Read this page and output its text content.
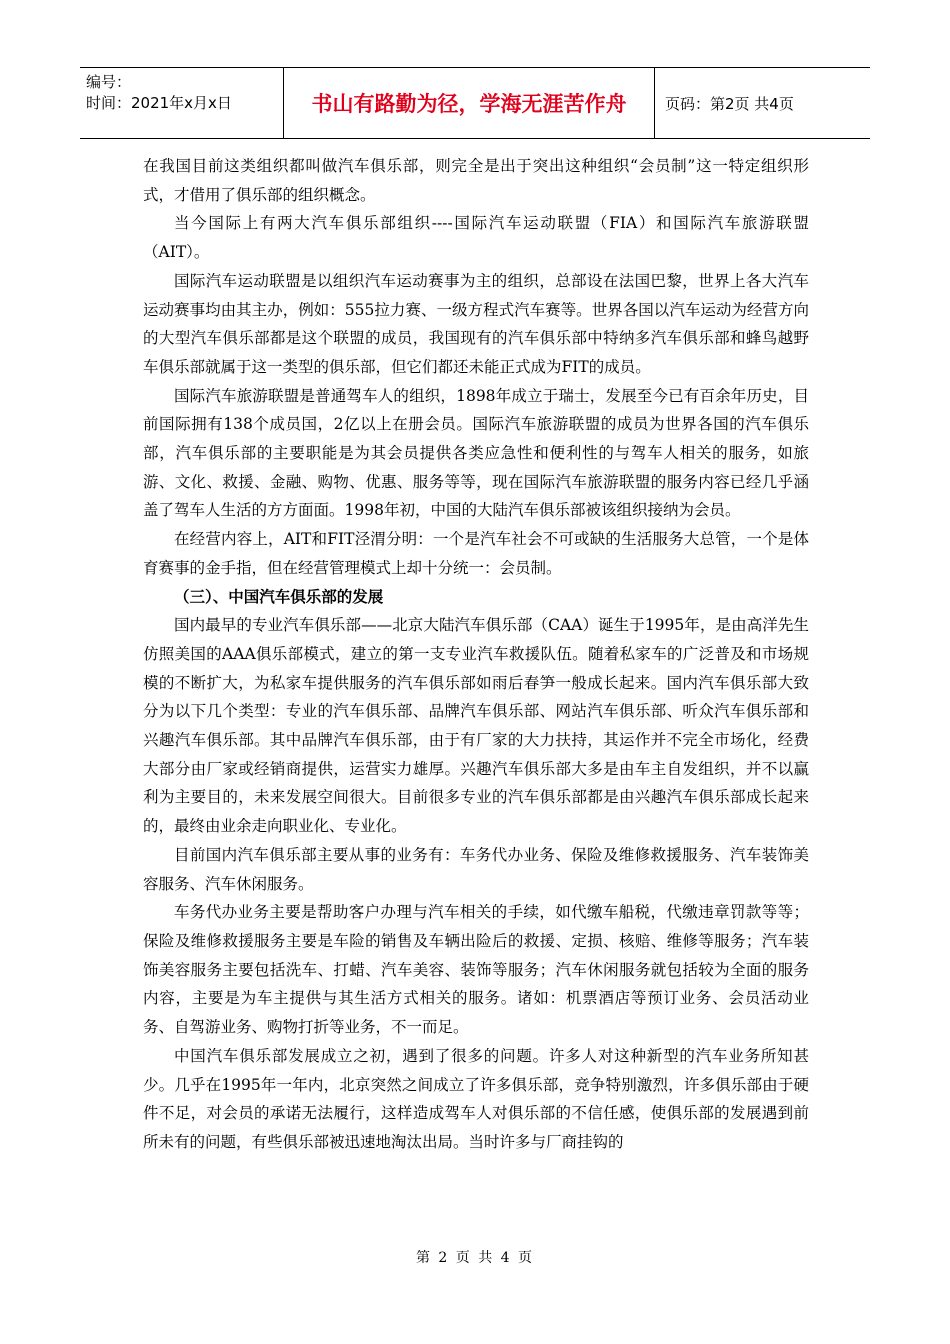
编号：
时间：2021年x月x日	书山有路勤为径，学海无涯苦作舟	页码：第2页 共4页

在我国目前这类组织都叫做汽车俱乐部，则完全是出于突出这种组织“会员制”这一特定组织形式，才借用了俱乐部的组织概念。

当今国际上有两大汽车俱乐部组织----国际汽车运动联盟（FIA）和国际汽车旅游联盟（AIT）。

国际汽车运动联盟是以组织汽车运动赛事为主的组织，总部设在法国巴黎，世界上各大汽车运动赛事均由其主办，例如：555拉力赛、一级方程式汽车赛等。世界各国以汽车运动为经营方向的大型汽车俱乐部都是这个联盟的成员，我国现有的汽车俱乐部中特纳多汽车俱乐部和蜂鸟越野车俱乐部就属于这一类型的俱乐部，但它们都还未能正式成为FIT的成员。

国际汽车旅游联盟是普通驾车人的组织，1898年成立于瑞士，发展至今已有百余年历史，目前国际拥有138个成员国，2亿以上在册会员。国际汽车旅游联盟的成员为世界各国的汽车俱乐部，汽车俱乐部的主要职能是为其会员提供各类应急性和便利性的与驾车人相关的服务，如旅游、文化、救援、金融、购物、优惠、服务等等，现在国际汽车旅游联盟的服务内容已经几乎涵盖了驾车人生活的方方面面。1998年初，中国的大陆汽车俱乐部被该组织接纳为会员。

在经营内容上，AIT和FIT泾渭分明：一个是汽车社会不可或缺的生活服务大总管，一个是体育赛事的金手指，但在经营管理模式上却十分统一：会员制。

（三）、中国汽车俱乐部的发展

国内最早的专业汽车俱乐部——北京大陆汽车俱乐部（CAA）诞生于1995年，是由高洋先生仿照美国的AAA俱乐部模式，建立的第一支专业汽车救援队伍。随着私家车的广泛普及和市场规模的不断扩大，为私家车提供服务的汽车俱乐部如雨后春笋一般成长起来。国内汽车俱乐部大致分为以下几个类型：专业的汽车俱乐部、品牌汽车俱乐部、网站汽车俱乐部、听众汽车俱乐部和兴趣汽车俱乐部。其中品牌汽车俱乐部，由于有厂家的大力扶持，其运作并不完全市场化，经费大部分由厂家或经销商提供，运营实力雄厚。兴趣汽车俱乐部大多是由车主自发组织，并不以赢利为主要目的，未来发展空间很大。目前很多专业的汽车俱乐部都是由兴趣汽车俱乐部成长起来的，最终由业余走向职业化、专业化。

目前国内汽车俱乐部主要从事的业务有：车务代办业务、保险及维修救援服务、汽车装饰美容服务、汽车休闲服务。

车务代办业务主要是帮助客户办理与汽车相关的手续，如代缴车船税，代缴违章罚款等等；保险及维修救援服务主要是车险的销售及车辆出险后的救援、定损、核赔、维修等服务；汽车装饰美容服务主要包括洗车、打蜡、汽车美容、装饰等服务；汽车休闲服务就包括较为全面的服务内容，主要是为车主提供与其生活方式相关的服务。诸如：机票酒店等预订业务、会员活动业务、自驾游业务、购物打折等业务，不一而足。

中国汽车俱乐部发展成立之初，遇到了很多的问题。许多人对这种新型的汽车业务所知甚少。几乎在1995年一年内，北京突然之间成立了许多俱乐部，竞争特别激烈，许多俱乐部由于硬件不足，对会员的承诺无法履行，这样造成驾车人对俱乐部的不信任感，使俱乐部的发展遇到前所未有的问题，有些俱乐部被迅速地淘汰出局。当时许多与厂商挂钩的

第 2 页 共 4 页
